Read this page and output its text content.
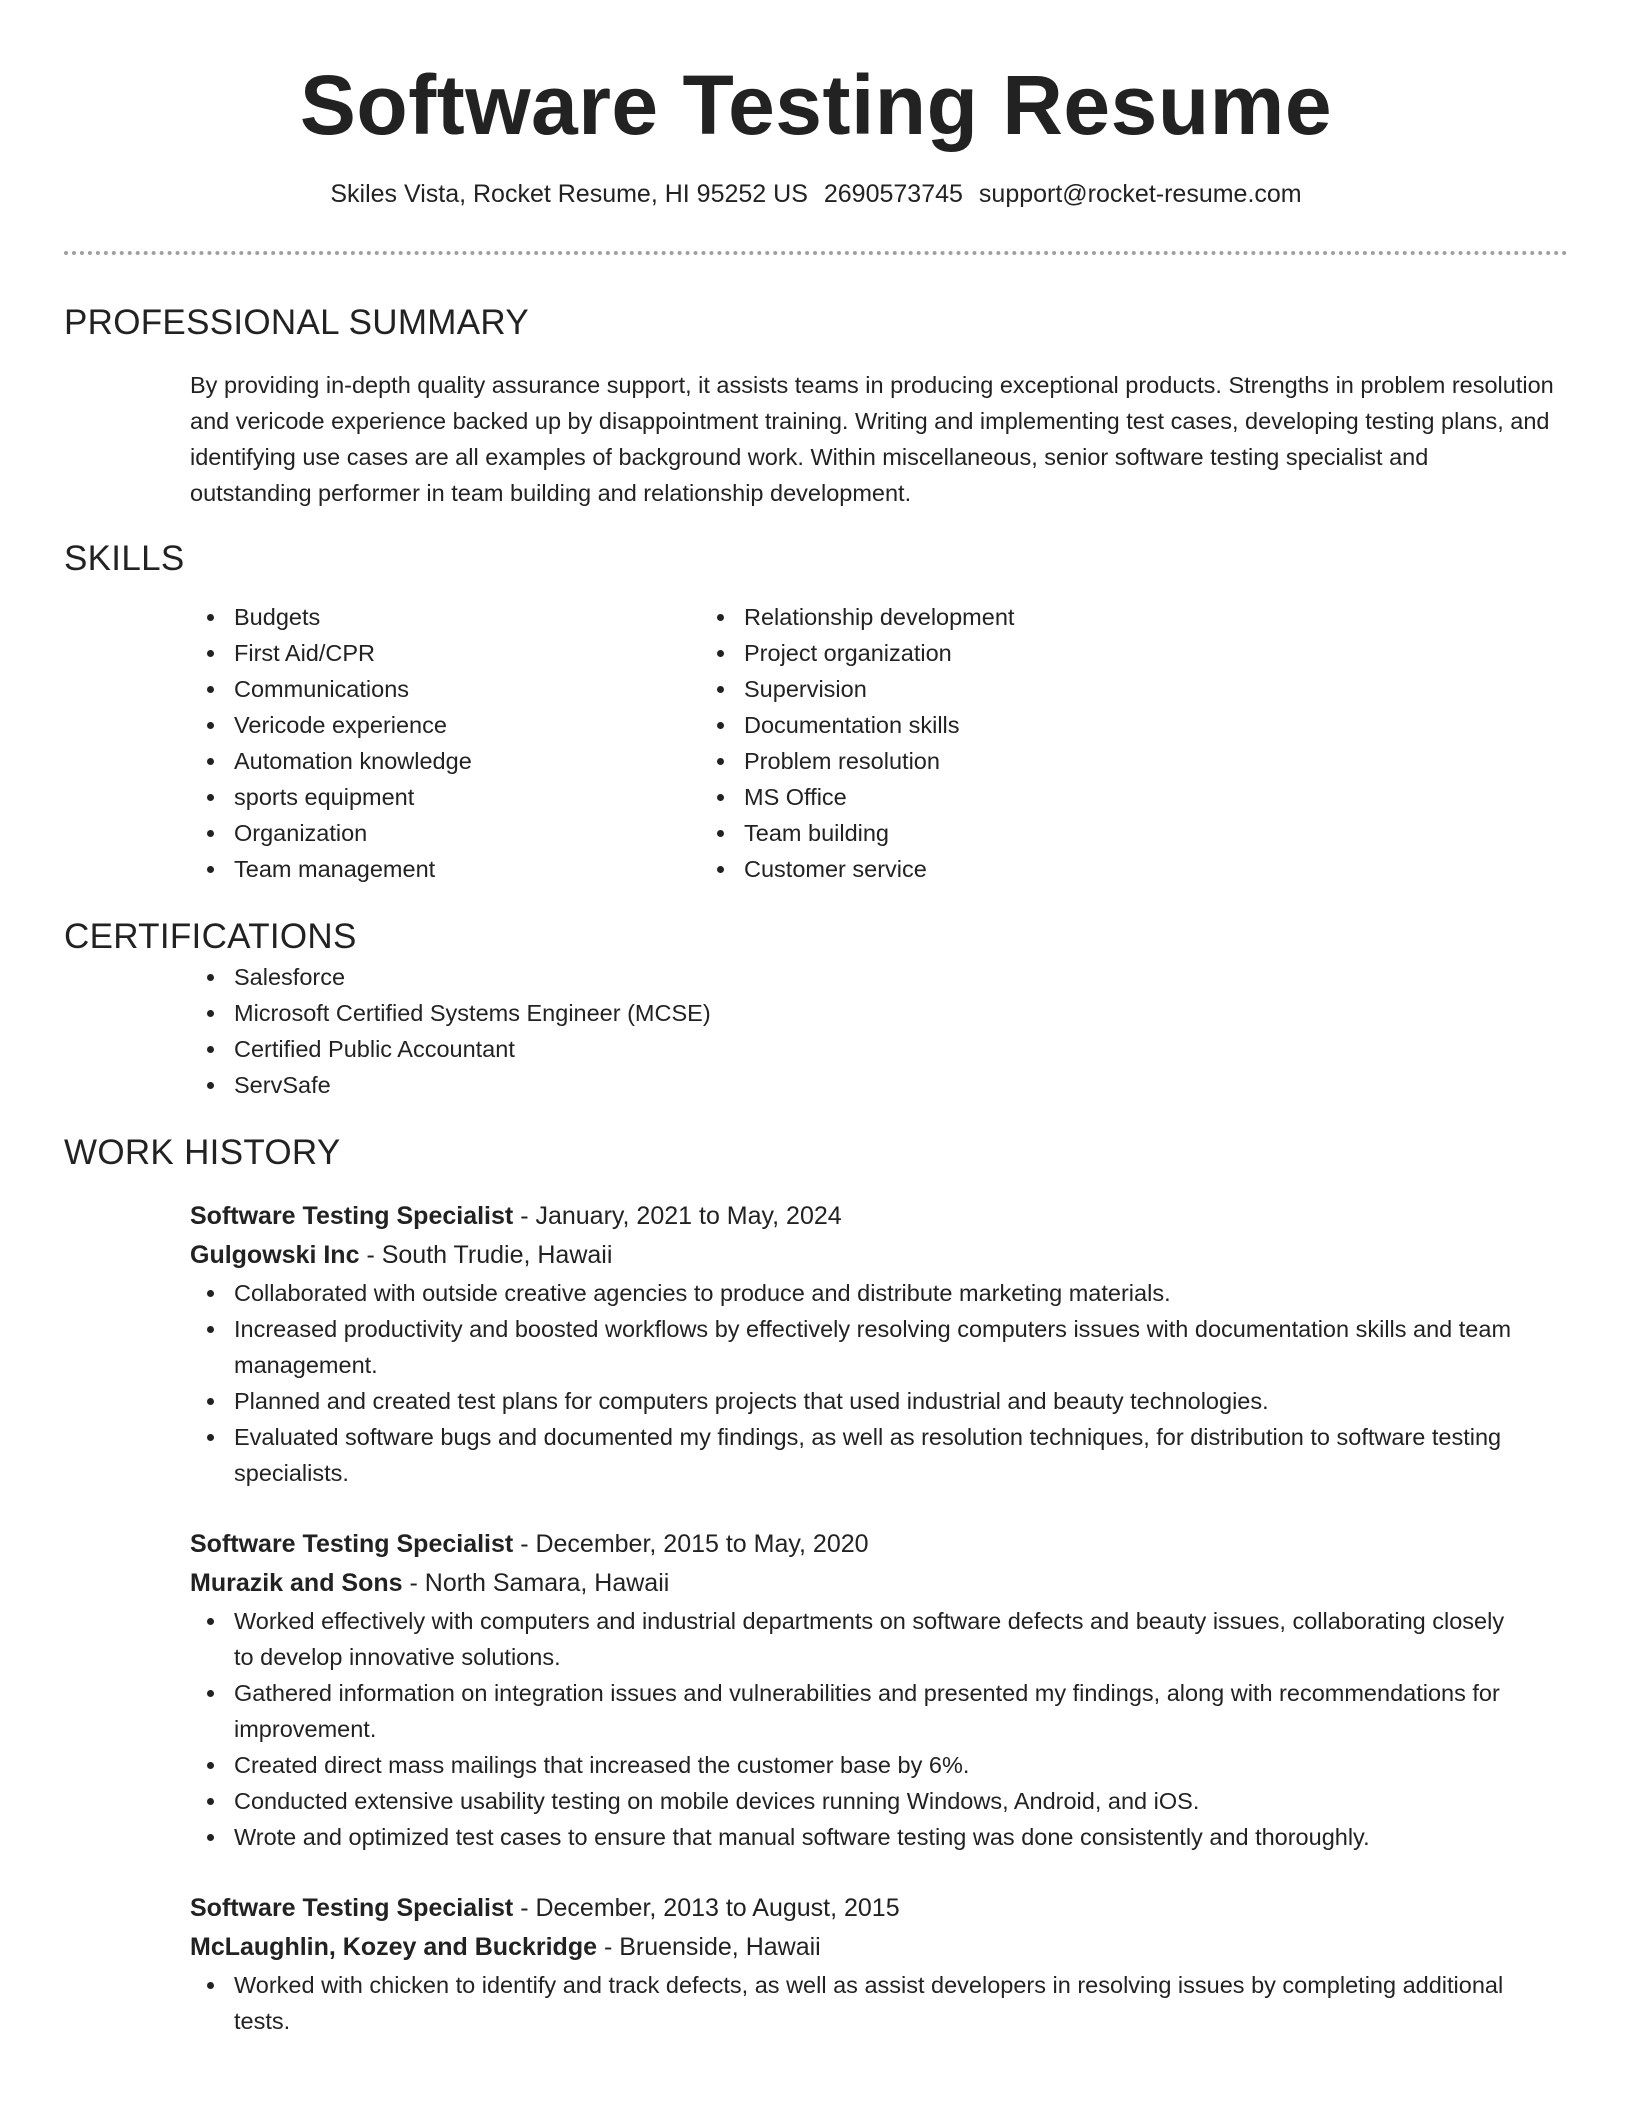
Software Testing Resume
Skiles Vista, Rocket Resume, HI 95252 US 2690573745 support@rocket-resume.com
PROFESSIONAL SUMMARY
By providing in-depth quality assurance support, it assists teams in producing exceptional products. Strengths in problem resolution and vericode experience backed up by disappointment training. Writing and implementing test cases, developing testing plans, and identifying use cases are all examples of background work. Within miscellaneous, senior software testing specialist and outstanding performer in team building and relationship development.
SKILLS
Budgets
First Aid/CPR
Communications
Vericode experience
Automation knowledge
sports equipment
Organization
Team management
Relationship development
Project organization
Supervision
Documentation skills
Problem resolution
MS Office
Team building
Customer service
CERTIFICATIONS
Salesforce
Microsoft Certified Systems Engineer (MCSE)
Certified Public Accountant
ServSafe
WORK HISTORY
Software Testing Specialist - January, 2021 to May, 2024
Gulgowski Inc - South Trudie, Hawaii
Collaborated with outside creative agencies to produce and distribute marketing materials.
Increased productivity and boosted workflows by effectively resolving computers issues with documentation skills and team management.
Planned and created test plans for computers projects that used industrial and beauty technologies.
Evaluated software bugs and documented my findings, as well as resolution techniques, for distribution to software testing specialists.
Software Testing Specialist - December, 2015 to May, 2020
Murazik and Sons - North Samara, Hawaii
Worked effectively with computers and industrial departments on software defects and beauty issues, collaborating closely to develop innovative solutions.
Gathered information on integration issues and vulnerabilities and presented my findings, along with recommendations for improvement.
Created direct mass mailings that increased the customer base by 6%.
Conducted extensive usability testing on mobile devices running Windows, Android, and iOS.
Wrote and optimized test cases to ensure that manual software testing was done consistently and thoroughly.
Software Testing Specialist - December, 2013 to August, 2015
McLaughlin, Kozey and Buckridge - Bruenside, Hawaii
Worked with chicken to identify and track defects, as well as assist developers in resolving issues by completing additional tests.
